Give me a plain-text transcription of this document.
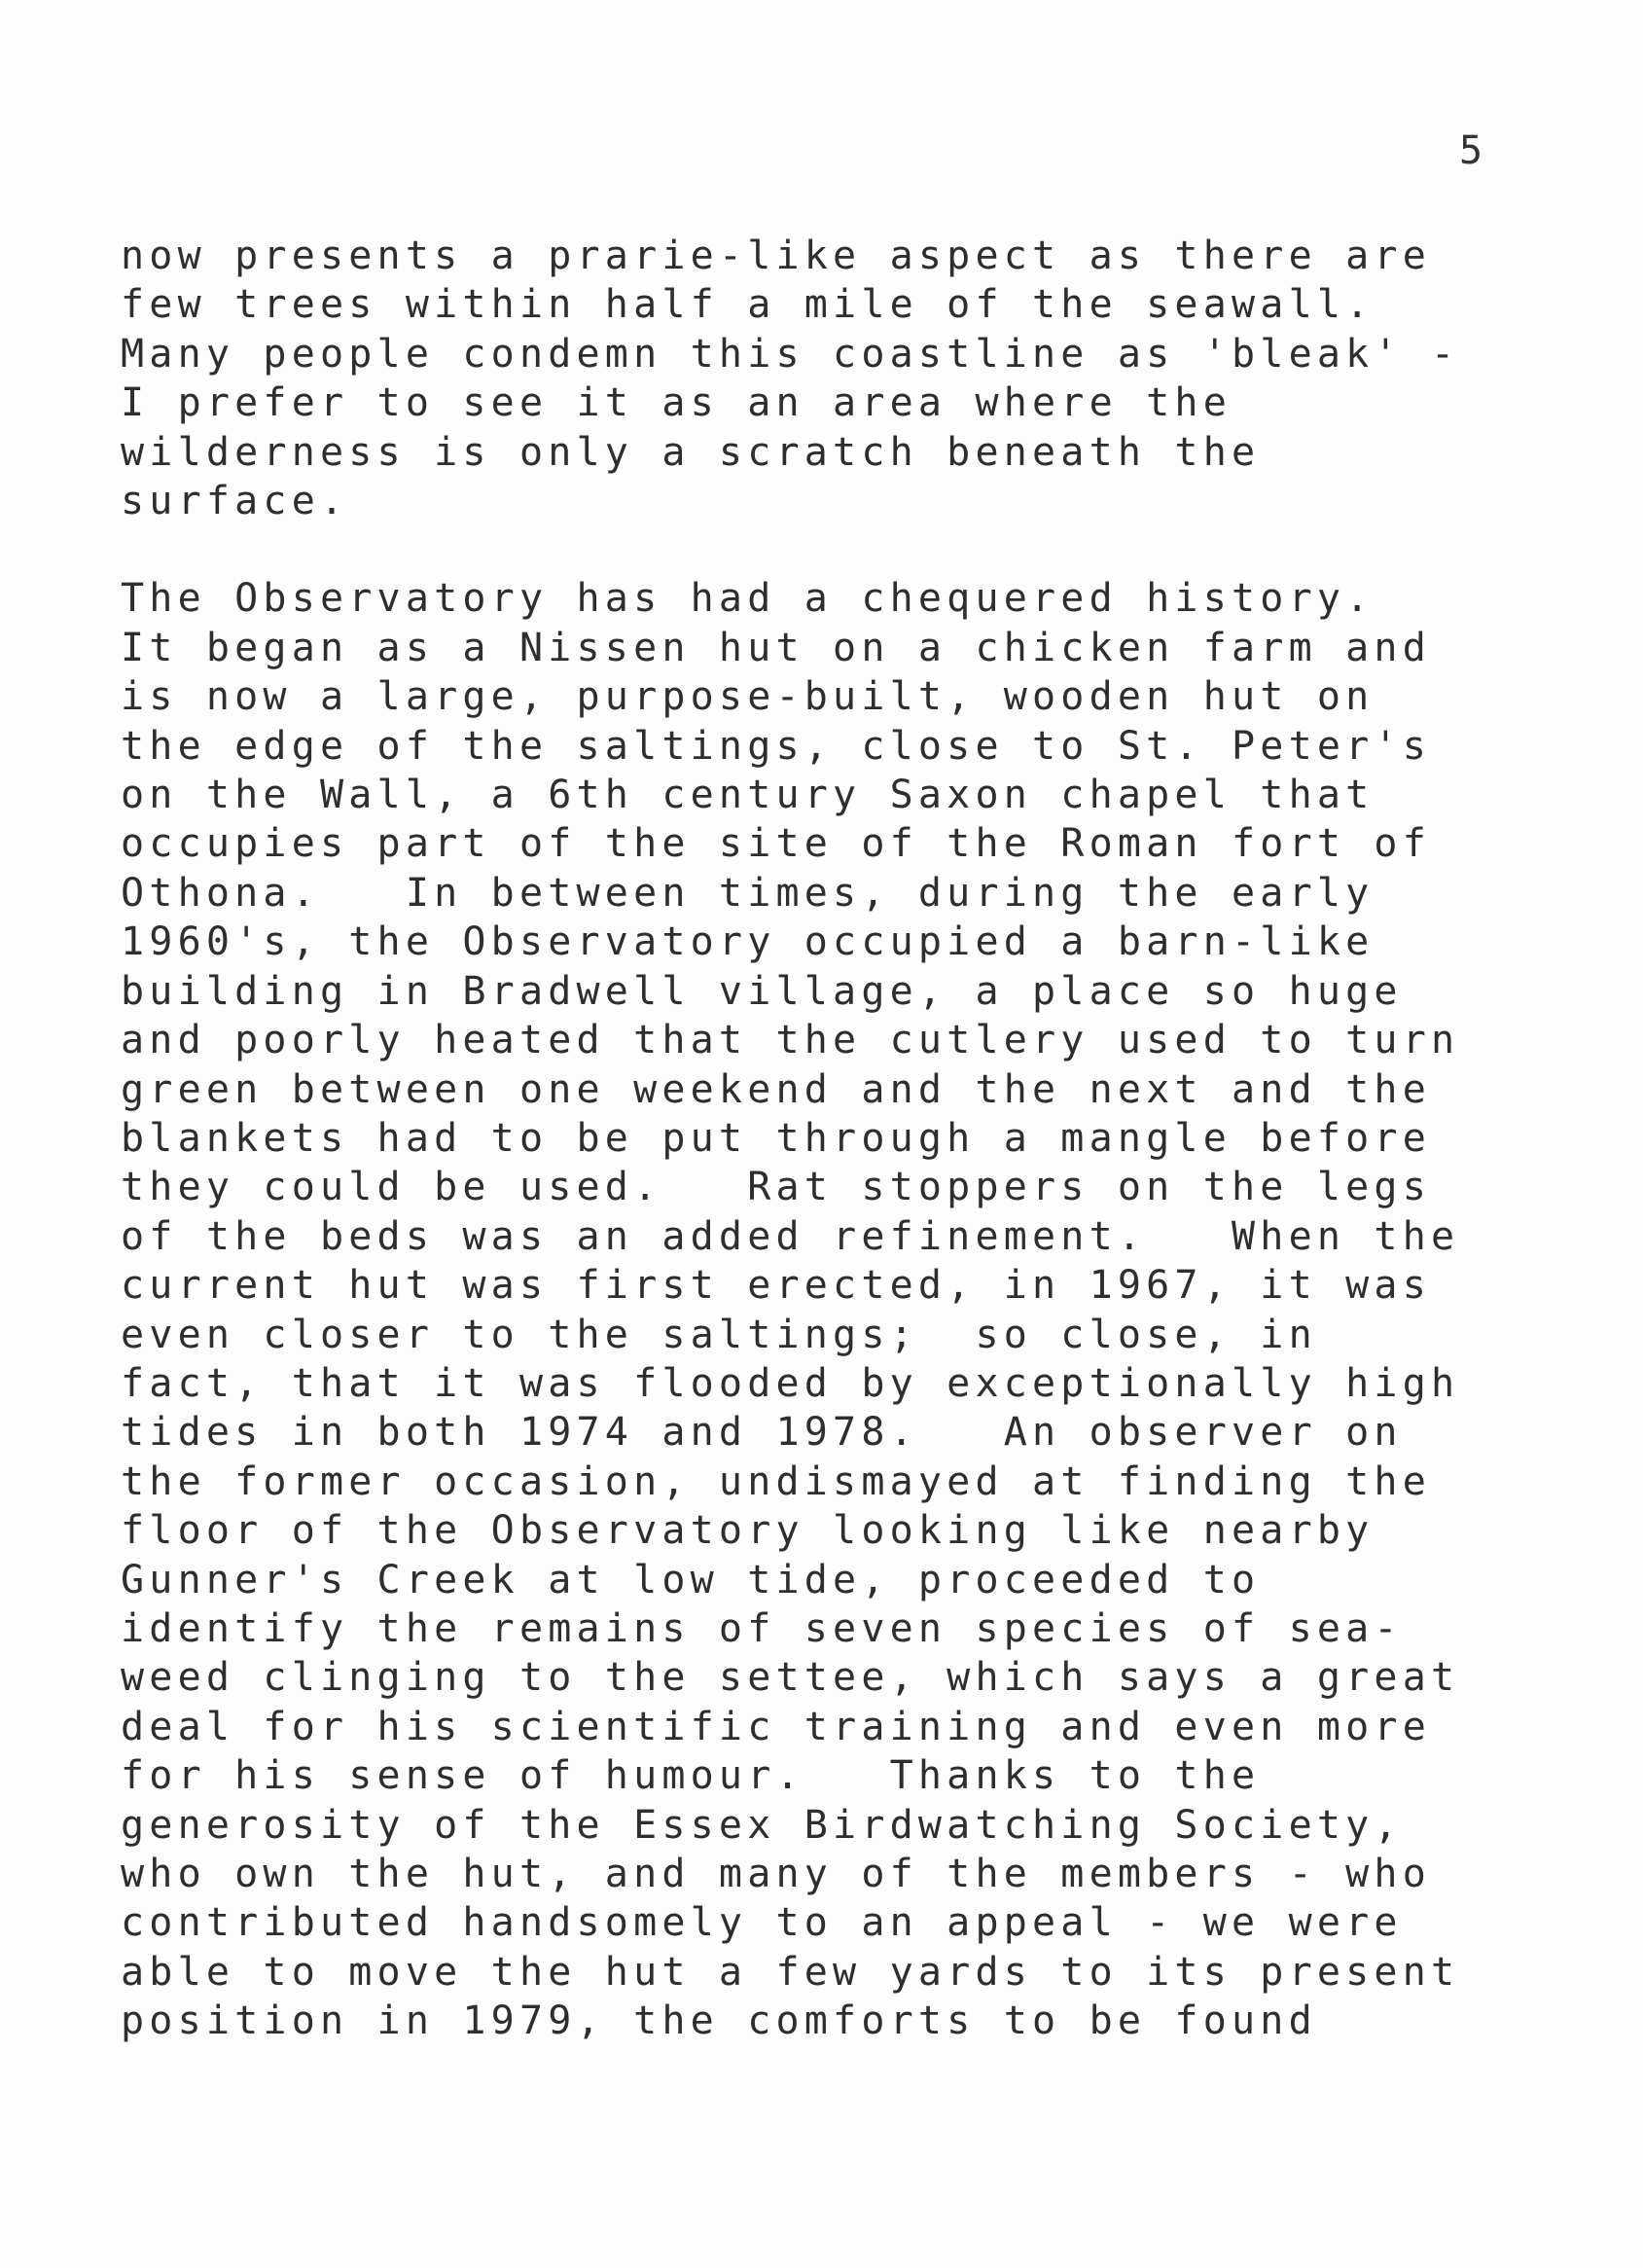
5

now presents a prarie-like aspect as there are
few trees within half a mile of the seawall.
Many people condemn this coastline as 'bleak' -
I prefer to see it as an area where the
wilderness is only a scratch beneath the
surface.

The Observatory has had a chequered history.
It began as a Nissen hut on a chicken farm and
is now a large, purpose-built, wooden hut on
the edge of the saltings, close to St. Peter's
on the Wall, a 6th century Saxon chapel that
occupies part of the site of the Roman fort of
Othona.   In between times, during the early
1960's, the Observatory occupied a barn-like
building in Bradwell village, a place so huge
and poorly heated that the cutlery used to turn
green between one weekend and the next and the
blankets had to be put through a mangle before
they could be used.   Rat stoppers on the legs
of the beds was an added refinement.   When the
current hut was first erected, in 1967, it was
even closer to the saltings;  so close, in
fact, that it was flooded by exceptionally high
tides in both 1974 and 1978.   An observer on
the former occasion, undismayed at finding the
floor of the Observatory looking like nearby
Gunner's Creek at low tide, proceeded to
identify the remains of seven species of sea-
weed clinging to the settee, which says a great
deal for his scientific training and even more
for his sense of humour.   Thanks to the
generosity of the Essex Birdwatching Society,
who own the hut, and many of the members - who
contributed handsomely to an appeal - we were
able to move the hut a few yards to its present
position in 1979, the comforts to be found
